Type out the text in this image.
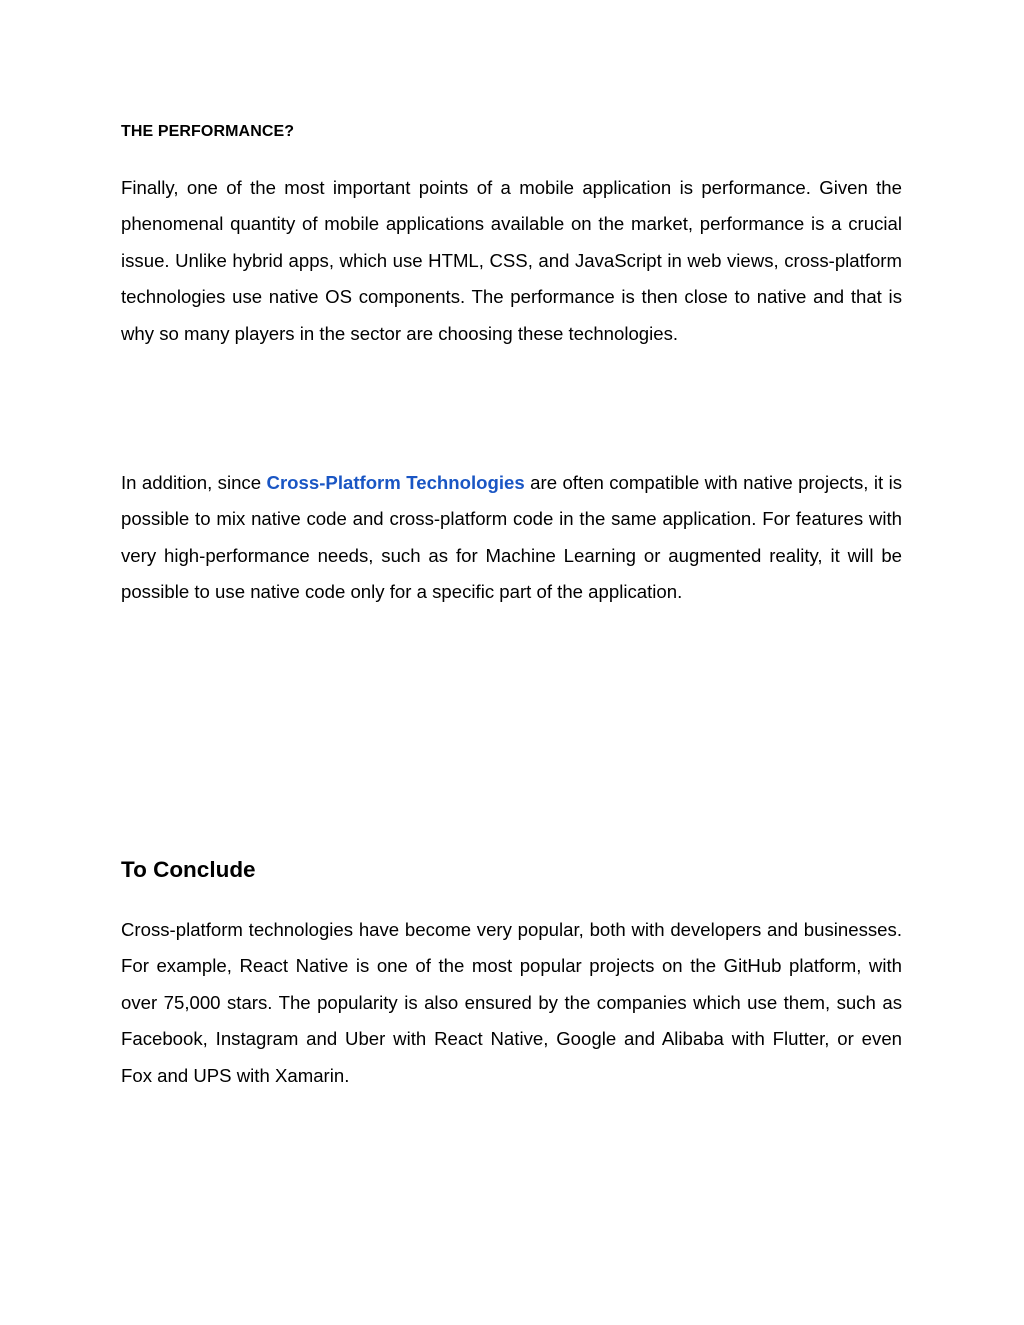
THE PERFORMANCE?

Finally, one of the most important points of a mobile application is performance. Given the phenomenal quantity of mobile applications available on the market, performance is a crucial issue. Unlike hybrid apps, which use HTML, CSS, and JavaScript in web views, cross-platform technologies use native OS components. The performance is then close to native and that is why so many players in the sector are choosing these technologies.

In addition, since Cross-Platform Technologies are often compatible with native projects, it is possible to mix native code and cross-platform code in the same application. For features with very high-performance needs, such as for Machine Learning or augmented reality, it will be possible to use native code only for a specific part of the application.

To Conclude

Cross-platform technologies have become very popular, both with developers and businesses. For example, React Native is one of the most popular projects on the GitHub platform, with over 75,000 stars. The popularity is also ensured by the companies which use them, such as Facebook, Instagram and Uber with React Native, Google and Alibaba with Flutter, or even Fox and UPS with Xamarin.
